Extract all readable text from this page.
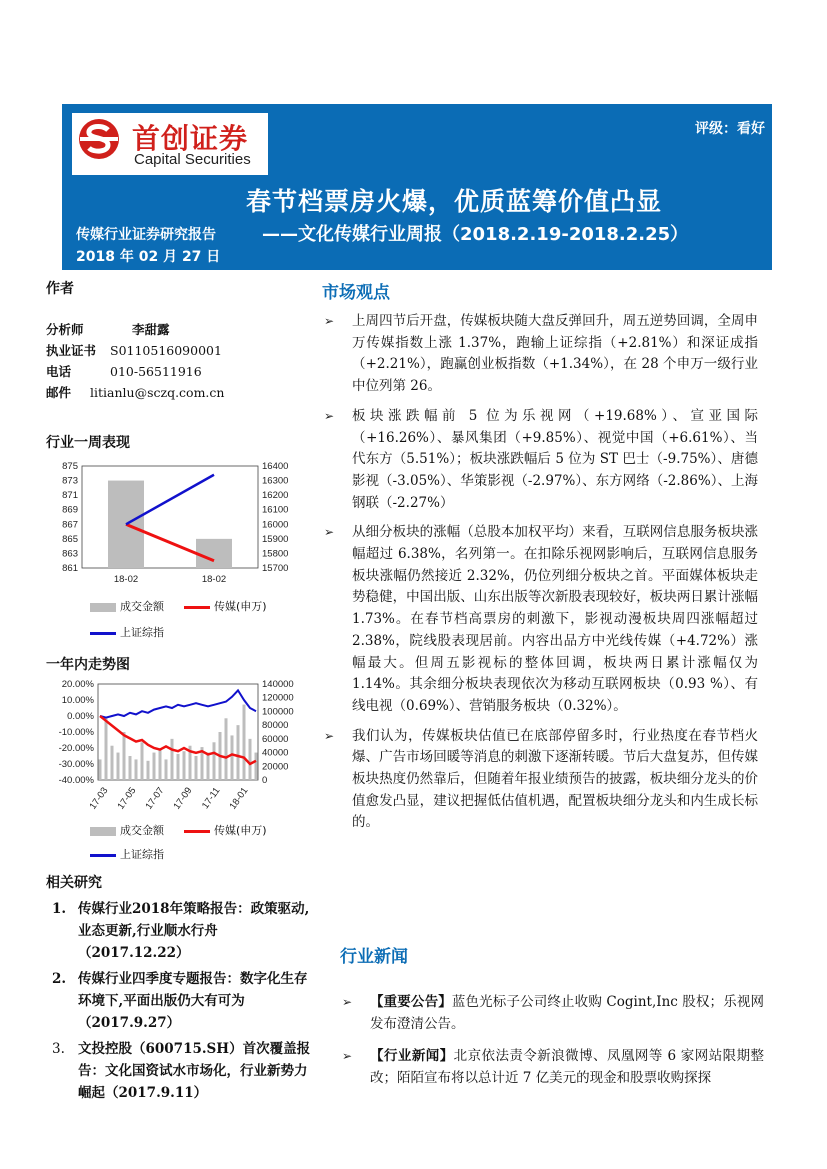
首创证券
Capital Securities
评级：看好
春节档票房火爆，优质蓝筹价值凸显
传媒行业证券研究报告	——文化传媒行业周报（2018.2.19-2018.2.25）
2018 年 02 月 27 日
作者
分析师	李甜露
执业证书 S0110516090001
电话	010-56511916
邮件 litianlu@sczq.com.cn
行业一周表现
875
873
871
869
867
865
863
861
16400
16300
16200
16100
16000
15900
15800
15700
18-02	18-02
成交金额	传媒(申万)
上证综指
一年内走势图
20.00%
10.00%
0.00%
-10.00%
-20.00%
-30.00%
-40.00%
140000
120000
100000
80000
60000
40000
20000
0
17-03 17-05 17-07 17-09 17-11 18-01
成交金额	传媒(申万)
上证综指
相关研究
1. 传媒行业2018年策略报告：政策驱动,业态更新,行业顺水行舟（2017.12.22）
2. 传媒行业四季度专题报告：数字化生存环境下,平面出版仍大有可为（2017.9.27）
3. 文投控股（600715.SH）首次覆盖报告：文化国资试水市场化，行业新势力崛起（2017.9.11）
市场观点
➢ 上周四节后开盘，传媒板块随大盘反弹回升，周五逆势回调，全周申万传媒指数上涨 1.37%，跑输上证综指（+2.81%）和深证成指（+2.21%），跑赢创业板指数（+1.34%），在 28 个申万一级行业中位列第 26。
➢ 板块涨跌幅前 5 位为乐视网（+19.68%）、宣亚国际（+16.26%）、暴风集团（+9.85%）、视觉中国（+6.61%）、当代东方（5.51%）；板块涨跌幅后 5 位为 ST 巴士（-9.75%）、唐德影视（-3.05%）、华策影视（-2.97%）、东方网络（-2.86%）、上海钢联（-2.27%）
➢ 从细分板块的涨幅（总股本加权平均）来看，互联网信息服务板块涨幅超过 6.38%，名列第一。在扣除乐视网影响后，互联网信息服务板块涨幅仍然接近 2.32%，仍位列细分板块之首。平面媒体板块走势稳健，中国出版、山东出版等次新股表现较好，板块两日累计涨幅 1.73%。在春节档高票房的刺激下，影视动漫板块周四涨幅超过 2.38%，院线股表现居前。内容出品方中光线传媒（+4.72%）涨幅最大。但周五影视标的整体回调，板块两日累计涨幅仅为 1.14%。其余细分板块表现依次为移动互联网板块（0.93 %）、有线电视（0.69%）、营销服务板块（0.32%）。
➢ 我们认为，传媒板块估值已在底部停留多时，行业热度在春节档火爆、广告市场回暖等消息的刺激下逐渐转暖。节后大盘复苏，但传媒板块热度仍然靠后，但随着年报业绩预告的披露，板块细分龙头的价值愈发凸显，建议把握低估值机遇，配置板块细分龙头和内生成长标的。
行业新闻
➢ 【重要公告】蓝色光标子公司终止收购 Cogint,Inc 股权；乐视网发布澄清公告。
➢ 【行业新闻】北京依法责令新浪微博、凤凰网等 6 家网站限期整改；陌陌宣布将以总计近 7 亿美元的现金和股票收购探探
